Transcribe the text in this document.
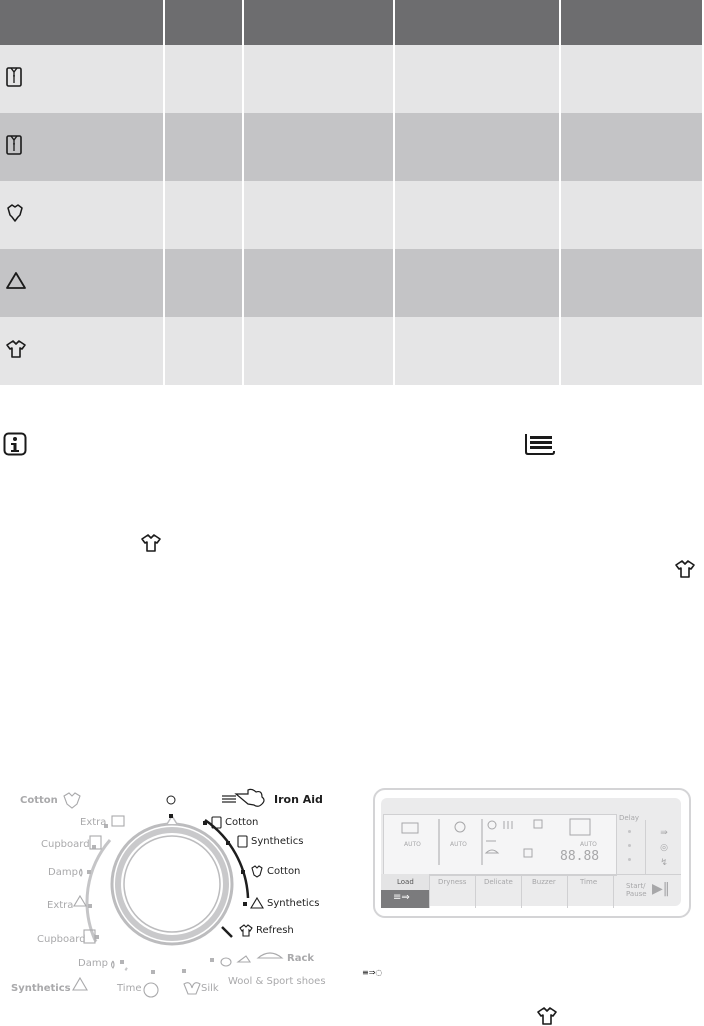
Iron Aid
Cotton
Synthetics
Cotton
Synthetics
Refresh
Rack
Wool & Sport shoes
Silk
Time
Damp
Synthetics
Cotton
Extra
Cupboard
Damp
Extra
Cupboard
AUTO	AUTO	AUTO
88.88
Delay
⇛
◎
↯
Load
≡⇒
Dryness	Delicate	Buzzer	Time	Start/
Pause ▶‖
≡⇒◌
